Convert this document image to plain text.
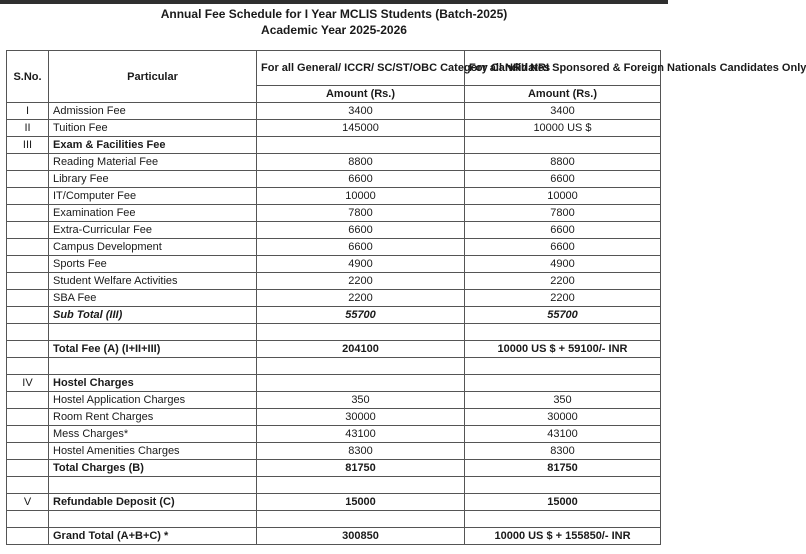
Annual Fee Schedule for I Year MCLIS Students (Batch-2025)
Academic Year 2025-2026
S.No.	Particular	For all General/ ICCR/ SC/ST/OBC Category Candidates	For all NRI/ NRI Sponsored & Foreign Nationals Candidates Only
		Amount (Rs.)	Amount (Rs.)
I	Admission Fee	3400	3400
II	Tuition Fee	145000	10000 US $
III	Exam & Facilities Fee		
	Reading Material Fee	8800	8800
	Library Fee	6600	6600
	IT/Computer Fee	10000	10000
	Examination Fee	7800	7800
	Extra-Curricular Fee	6600	6600
	Campus Development	6600	6600
	Sports Fee	4900	4900
	Student Welfare Activities	2200	2200
	SBA Fee	2200	2200
	Sub Total (III)	55700	55700

	Total Fee (A) (I+II+III)	204100	10000 US $ + 59100/- INR

IV	Hostel Charges		
	Hostel Application Charges	350	350
	Room Rent Charges	30000	30000
	Mess Charges*	43100	43100
	Hostel Amenities Charges	8300	8300
	Total Charges (B)	81750	81750

V	Refundable Deposit (C)	15000	15000

	Grand Total (A+B+C) *	300850	10000 US $ + 155850/- INR
